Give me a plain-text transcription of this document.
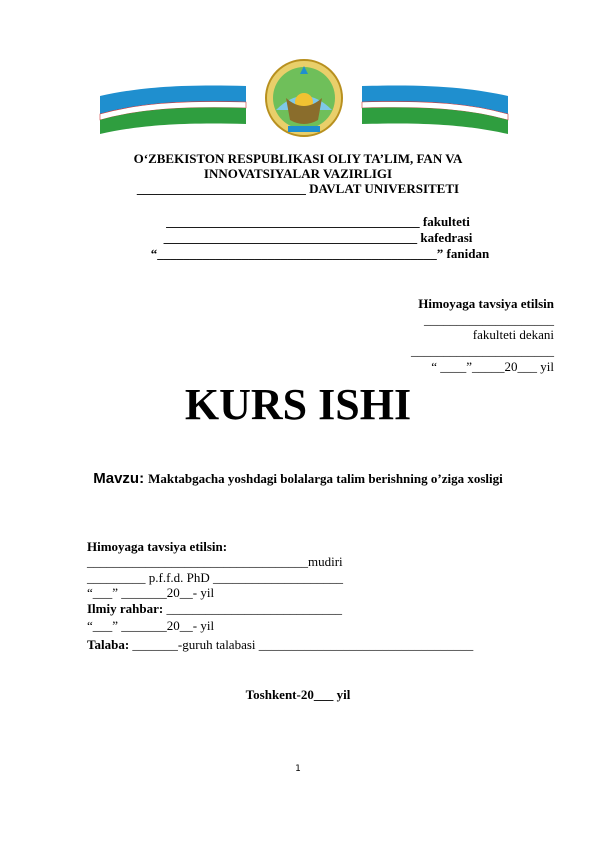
O‘ZBEKISTON RESPUBLIKASI OLIY TA’LIM, FAN VA
INNOVATSIYALAR VAZIRLIGI
__________________________ DAVLAT UNIVERSITETI
_______________________________________ fakulteti
_______________________________________ kafedrasi
“___________________________________________” fanidan
Himoyaga tavsiya etilsin
____________________
fakulteti dekani
______________________
“ ____”_____20___ yil
KURS ISHI
Mavzu: Maktabgacha yoshdagi bolalarga talim berishning o’ziga xosligi
Himoyaga tavsiya etilsin:
__________________________________mudiri
_________ p.f.f.d. PhD ____________________
“___” _______20__- yil
Ilmiy rahbar: ___________________________
“___” _______20__- yil
Talaba: _______-guruh talabasi _________________________________
Toshkent-20___ yil
1
